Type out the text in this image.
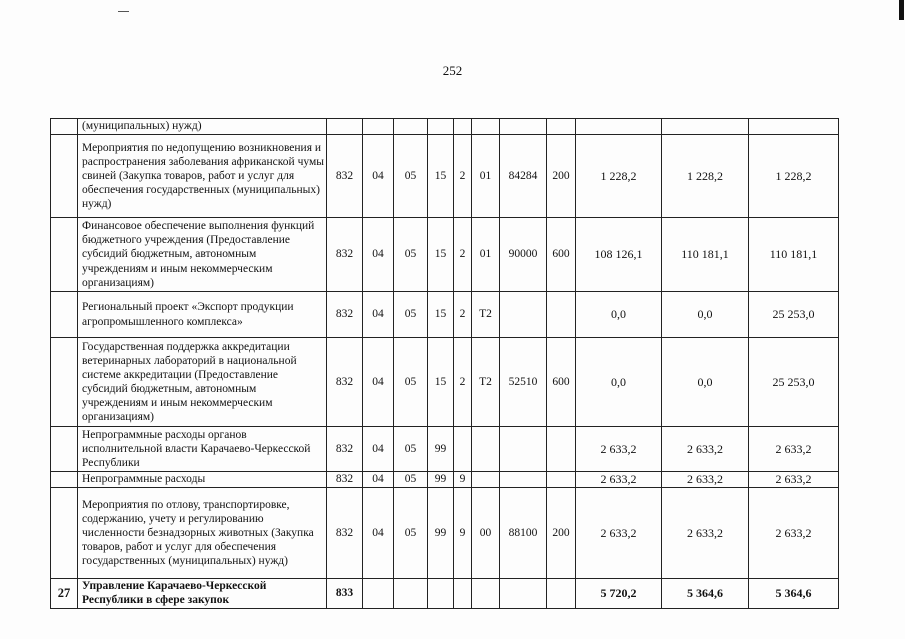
252
	(муниципальных) нужд)											
	Мероприятия по недопущению возникновения и распространения заболевания африканской чумы свиней (Закупка товаров, работ и услуг для обеспечения государственных (муниципальных) нужд)	832	04	05	15	2	01	84284	200	1 228,2	1 228,2	1 228,2
	Финансовое обеспечение выполнения функций бюджетного учреждения (Предоставление субсидий бюджетным, автономным учреждениям и иным некоммерческим организациям)	832	04	05	15	2	01	90000	600	108 126,1	110 181,1	110 181,1
	Региональный проект «Экспорт продукции агропромышленного комплекса»	832	04	05	15	2	Т2			0,0	0,0	25 253,0
	Государственная поддержка аккредитации ветеринарных лабораторий в национальной системе аккредитации (Предоставление субсидий бюджетным, автономным учреждениям и иным некоммерческим организациям)	832	04	05	15	2	Т2	52510	600	0,0	0,0	25 253,0
	Непрограммные расходы органов исполнительной власти Карачаево-Черкесской Республики	832	04	05	99					2 633,2	2 633,2	2 633,2
	Непрограммные расходы	832	04	05	99	9				2 633,2	2 633,2	2 633,2
	Мероприятия по отлову, транспортировке, содержанию, учету и регулированию численности безнадзорных животных (Закупка товаров, работ и услуг для обеспечения государственных (муниципальных) нужд)	832	04	05	99	9	00	88100	200	2 633,2	2 633,2	2 633,2
27	Управление Карачаево-Черкесской Республики в сфере закупок	833								5 720,2	5 364,6	5 364,6
